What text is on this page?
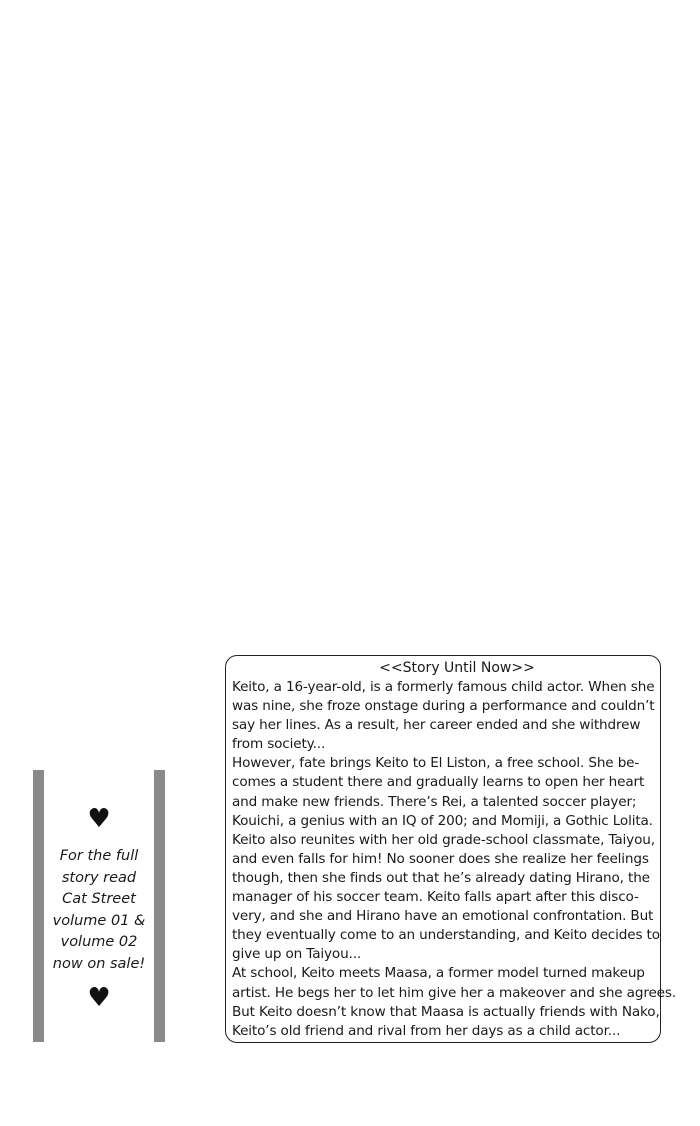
♥
For the full
story read
Cat Street
volume 01 &
volume 02
now on sale!
♥
<<Story Until Now>>
Keito, a 16-year-old, is a formerly famous child actor. When she
was nine, she froze onstage during a performance and couldn’t
say her lines. As a result, her career ended and she withdrew
from society...
However, fate brings Keito to El Liston, a free school. She be-
comes a student there and gradually learns to open her heart
and make new friends. There’s Rei, a talented soccer player;
Kouichi, a genius with an IQ of 200; and Momiji, a Gothic Lolita.
Keito also reunites with her old grade-school classmate, Taiyou,
and even falls for him! No sooner does she realize her feelings
though, then she finds out that he’s already dating Hirano, the
manager of his soccer team. Keito falls apart after this disco-
very, and she and Hirano have an emotional confrontation. But
they eventually come to an understanding, and Keito decides to
give up on Taiyou...
At school, Keito meets Maasa, a former model turned makeup
artist. He begs her to let him give her a makeover and she agrees.
But Keito doesn’t know that Maasa is actually friends with Nako,
Keito’s old friend and rival from her days as a child actor...
